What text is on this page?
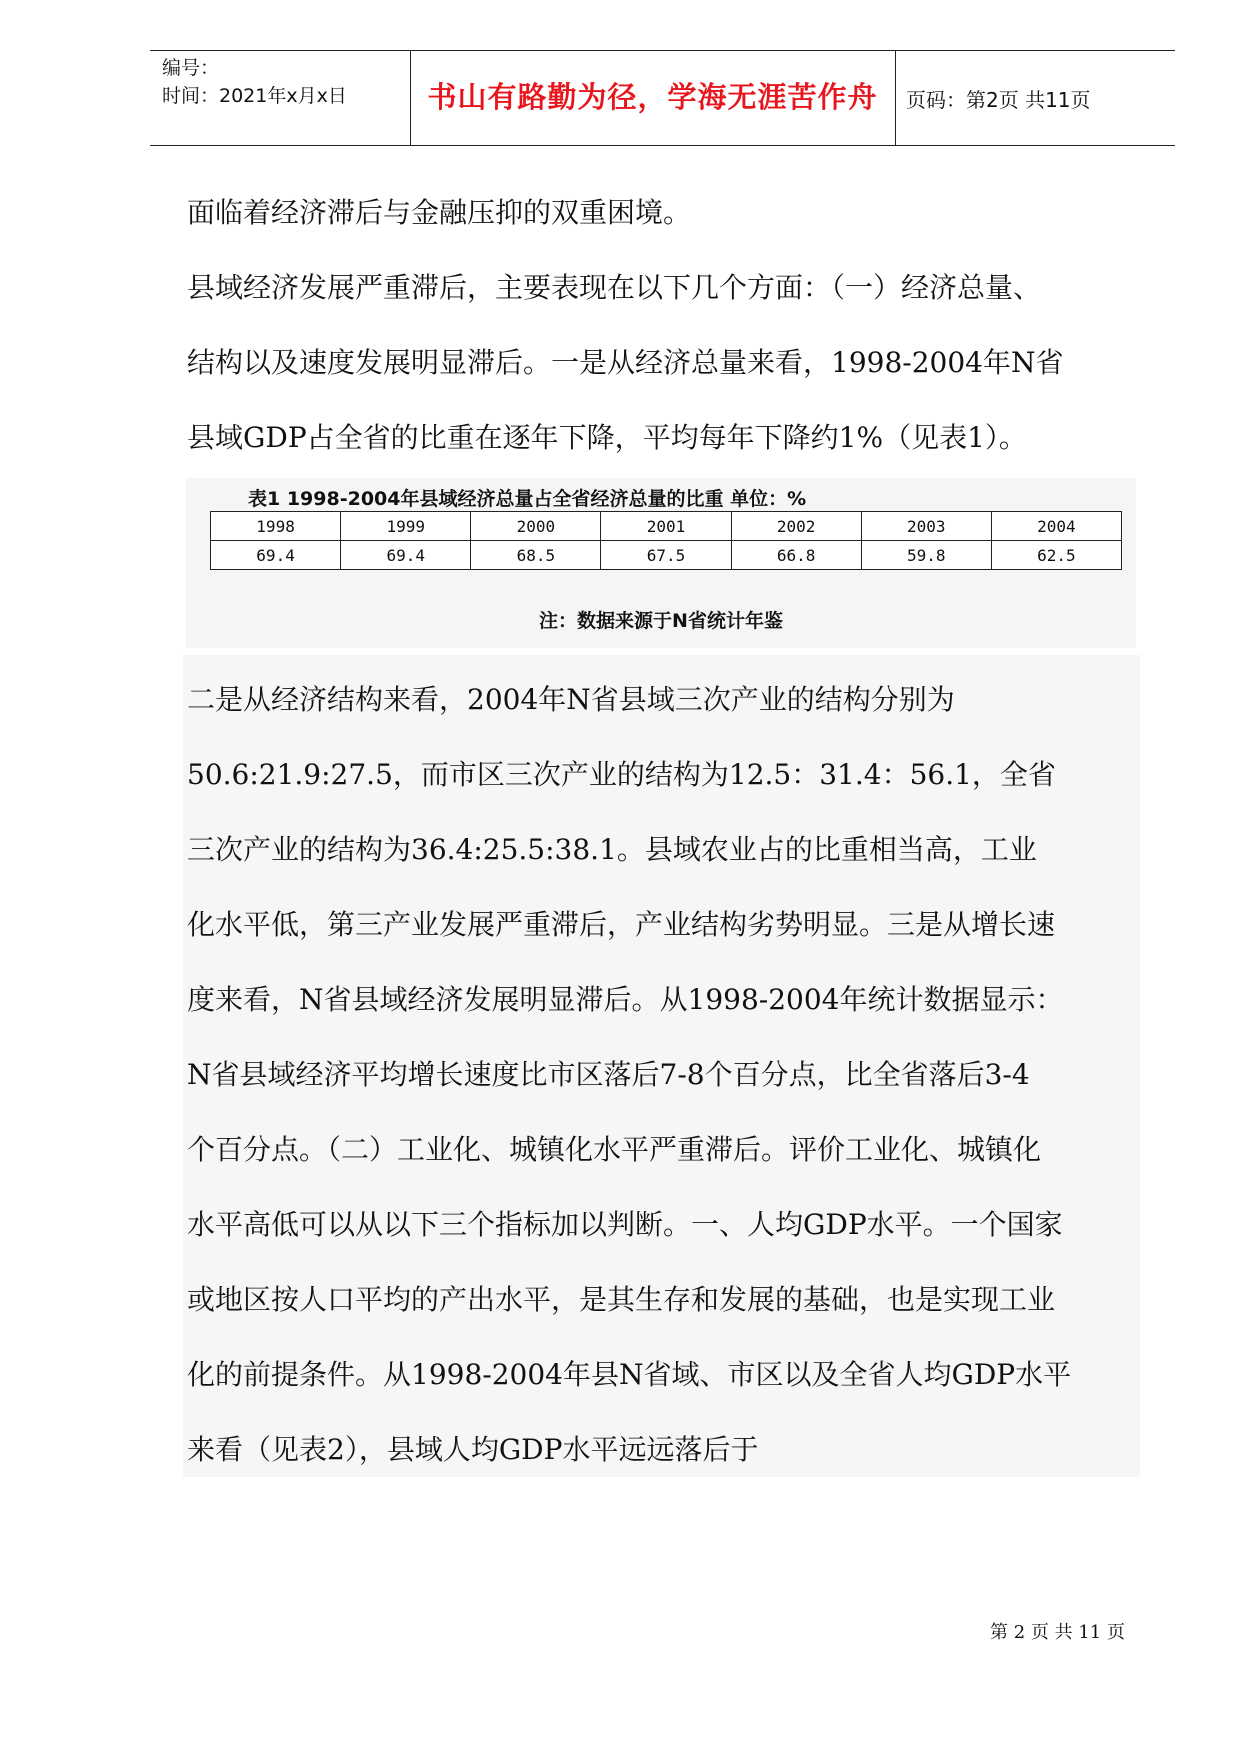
编号：
时间：2021年x月x日	书山有路勤为径，学海无涯苦作舟	页码：第2页 共11页
面临着经济滞后与金融压抑的双重困境。
县域经济发展严重滞后，主要表现在以下几个方面：（一）经济总量、
结构以及速度发展明显滞后。一是从经济总量来看，1998-2004年N省
县域GDP占全省的比重在逐年下降，平均每年下降约1%（见表1）。
表1 1998-2004年县域经济总量占全省经济总量的比重 单位：%
1998	1999	2000	2001	2002	2003	2004
69.4	69.4	68.5	67.5	66.8	59.8	62.5
注：数据来源于N省统计年鉴
二是从经济结构来看，2004年N省县域三次产业的结构分别为
50.6:21.9:27.5，而市区三次产业的结构为12.5：31.4：56.1，全省
三次产业的结构为36.4:25.5:38.1。县域农业占的比重相当高，工业
化水平低，第三产业发展严重滞后，产业结构劣势明显。三是从增长速
度来看，N省县域经济发展明显滞后。从1998-2004年统计数据显示：
N省县域经济平均增长速度比市区落后7-8个百分点，比全省落后3-4
个百分点。（二）工业化、城镇化水平严重滞后。评价工业化、城镇化
水平高低可以从以下三个指标加以判断。一、人均GDP水平。一个国家
或地区按人口平均的产出水平，是其生存和发展的基础，也是实现工业
化的前提条件。从1998-2004年县N省域、市区以及全省人均GDP水平
来看（见表2），县域人均GDP水平远远落后于
第 2 页 共 11 页
